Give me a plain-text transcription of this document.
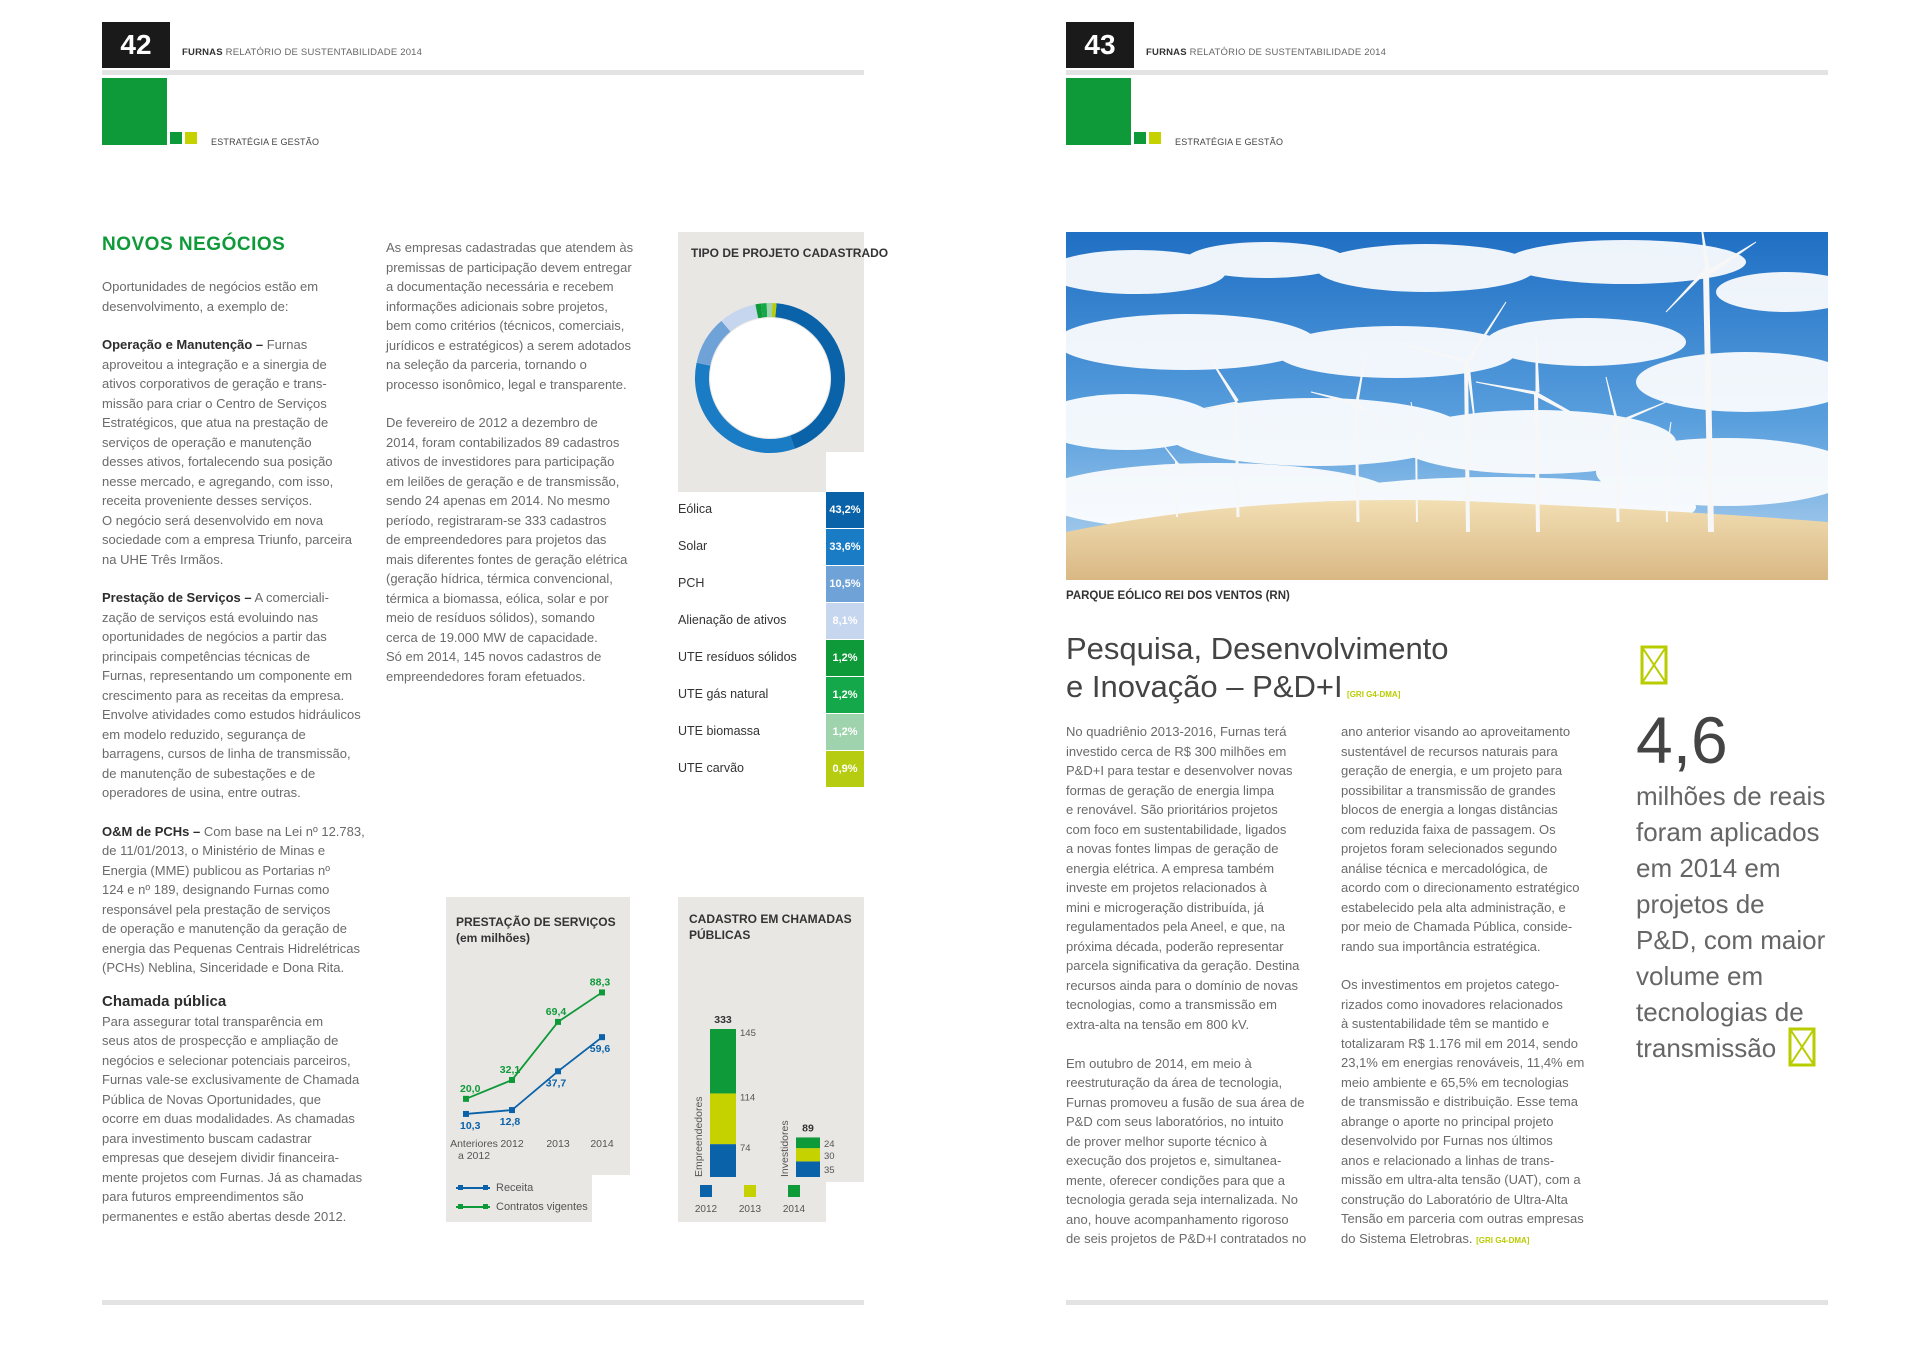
42	FURNAS RELATÓRIO DE SUSTENTABILIDADE 2014
ESTRATÉGIA E GESTÃO
NOVOS NEGÓCIOS
Oportunidades de negócios estão em
desenvolvimento, a exemplo de:
Operação e Manutenção – Furnas
aproveitou a integração e a sinergia de
ativos corporativos de geração e trans-
missão para criar o Centro de Serviços
Estratégicos, que atua na prestação de
serviços de operação e manutenção
desses ativos, fortalecendo sua posição
nesse mercado, e agregando, com isso,
receita proveniente desses serviços.
O negócio será desenvolvido em nova
sociedade com a empresa Triunfo, parceira
na UHE Três Irmãos.
Prestação de Serviços – A comerciali-
zação de serviços está evoluindo nas
oportunidades de negócios a partir das
principais competências técnicas de
Furnas, representando um componente em
crescimento para as receitas da empresa.
Envolve atividades como estudos hidráulicos
em modelo reduzido, segurança de
barragens, cursos de linha de transmissão,
de manutenção de subestações e de
operadores de usina, entre outras.
O&M de PCHs – Com base na Lei nº 12.783,
de 11/01/2013, o Ministério de Minas e
Energia (MME) publicou as Portarias nº
124 e nº 189, designando Furnas como
responsável pela prestação de serviços
de operação e manutenção da geração de
energia das Pequenas Centrais Hidrelétricas
(PCHs) Neblina, Sinceridade e Dona Rita.
Chamada pública
Para assegurar total transparência em
seus atos de prospecção e ampliação de
negócios e selecionar potenciais parceiros,
Furnas vale-se exclusivamente de Chamada
Pública de Novas Oportunidades, que
ocorre em duas modalidades. As chamadas
para investimento buscam cadastrar
empresas que desejem dividir financeira-
mente projetos com Furnas. Já as chamadas
para futuros empreendimentos são
permanentes e estão abertas desde 2012.
As empresas cadastradas que atendem às
premissas de participação devem entregar
a documentação necessária e recebem
informações adicionais sobre projetos,
bem como critérios (técnicos, comerciais,
jurídicos e estratégicos) a serem adotados
na seleção da parceria, tornando o
processo isonômico, legal e transparente.
De fevereiro de 2012 a dezembro de
2014, foram contabilizados 89 cadastros
ativos de investidores para participação
em leilões de geração e de transmissão,
sendo 24 apenas em 2014. No mesmo
período, registraram-se 333 cadastros
de empreendedores para projetos das
mais diferentes fontes de geração elétrica
(geração hídrica, térmica convencional,
térmica a biomassa, eólica, solar e por
meio de resíduos sólidos), somando
cerca de 19.000 MW de capacidade.
Só em 2014, 145 novos cadastros de
empreendedores foram efetuados.
TIPO DE PROJETO CADASTRADO
Eólica	43,2%
Solar	33,6%
PCH	10,5%
Alienação de ativos	8,1%
UTE resíduos sólidos	1,2%
UTE gás natural	1,2%
UTE biomassa	1,2%
UTE carvão	0,9%
PRESTAÇÃO DE SERVIÇOS
(em milhões)
10,3 12,8
37,7
59,6
20,0
32,1
69,4
88,3
Anteriores
a 2012
2012 2013 2014
Receita
Contratos vigentes
CADASTRO EM CHAMADAS
PÚBLICAS
74
114
145
333
Empreendedores	35
30
24
89
Investidores
2012 2013 2014
43	FURNAS RELATÓRIO DE SUSTENTABILIDADE 2014
ESTRATÉGIA E GESTÃO
PARQUE EÓLICO REI DOS VENTOS (RN)
Pesquisa, Desenvolvimento
e Inovação – P&D+I [GRI G4-DMA]
No quadriênio 2013-2016, Furnas terá
investido cerca de R$ 300 milhões em
P&D+I para testar e desenvolver novas
formas de geração de energia limpa
e renovável. São prioritários projetos
com foco em sustentabilidade, ligados
a novas fontes limpas de geração de
energia elétrica. A empresa também
investe em projetos relacionados à
mini e microgeração distribuída, já
regulamentados pela Aneel, e que, na
próxima década, poderão representar
parcela significativa da geração. Destina
recursos ainda para o domínio de novas
tecnologias, como a transmissão em
extra-alta na tensão em 800 kV.

Em outubro de 2014, em meio à
reestruturação da área de tecnologia,
Furnas promoveu a fusão de sua área de
P&D com seus laboratórios, no intuito
de prover melhor suporte técnico à
execução dos projetos e, simultanea-
mente, oferecer condições para que a
tecnologia gerada seja internalizada. No
ano, houve acompanhamento rigoroso
de seis projetos de P&D+I contratados no
ano anterior visando ao aproveitamento
sustentável de recursos naturais para
geração de energia, e um projeto para
possibilitar a transmissão de grandes
blocos de energia a longas distâncias
com reduzida faixa de passagem. Os
projetos foram selecionados segundo
análise técnica e mercadológica, de
acordo com o direcionamento estratégico
estabelecido pela alta administração, e
por meio de Chamada Pública, conside-
rando sua importância estratégica.
Os investimentos em projetos catego-
rizados como inovadores relacionados
à sustentabilidade têm se mantido e
totalizaram R$ 1.176 mil em 2014, sendo
23,1% em energias renováveis, 11,4% em
meio ambiente e 65,5% em tecnologias
de transmissão e distribuição. Esse tema
abrange o aporte no principal projeto
desenvolvido por Furnas nos últimos
anos e relacionado a linhas de trans-
missão em ultra-alta tensão (UAT), com a
construção do Laboratório de Ultra-Alta
Tensão em parceria com outras empresas
do Sistema Eletrobras. [GRI G4-DMA]
4,6
milhões de reais
foram aplicados
em 2014 em
projetos de
P&D, com maior
volume em
tecnologias de
transmissão
